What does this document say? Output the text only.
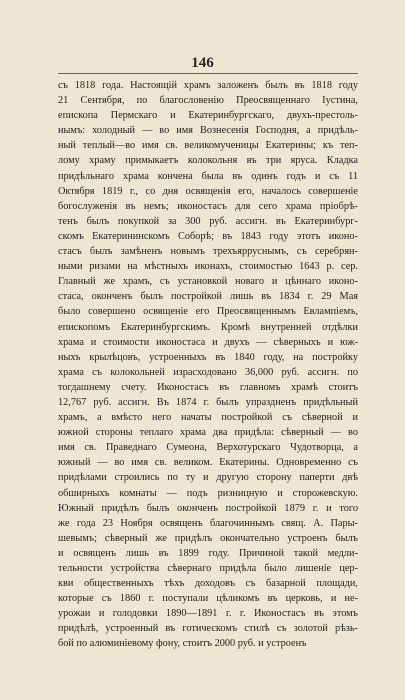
146
съ 1818 года. Настоящій храмъ заложенъ былъ въ 1818 году
21 Сентября, по благословенію Преосвященнаго Іустина,
епископа Пермскаго и Екатеринбургскаго, двухъ-престоль-
нымъ: холодный — во имя Вознесенія Господня, а придѣль-
ный теплый—во имя св. великомученицы Екатерины; къ теп-
лому храму примыкаетъ колокольня въ три яруса. Кладка
придѣльнаго храма кончена была въ одинъ годъ и съ 11
Октября 1819 г., со дня освященія его, началось совершеніе
богослуженія въ немъ; иконостасъ для сего храма пріобрѣ-
тенъ былъ покупкой за 300 руб. ассигн. въ Екатеринбург-
скомъ Екатерининскомъ Соборѣ; въ 1843 году этотъ иконо-
стасъ былъ замѣненъ новымъ трехъярруснымъ, съ серебрян-
ными ризами на мѣстныхъ иконахъ, стоимостью 1643 р. сер.
Главный же храмъ, съ установкой новаго и цѣннаго иконо-
стаса, оконченъ былъ постройкой лишь въ 1834 г. 29 Мая
было совершено освященіе его Преосвященнымъ Евлампіемъ,
епископомъ Екатеринбургскимъ. Кромѣ внутренней отдѣлки
храма и стоимости иконостаса и двухъ — сѣверныхъ и юж-
ныхъ крылѣцовъ, устроенныхъ въ 1840 году, на постройку
храма съ колокольней израсходовано 36,000 руб. ассигн. по
тогдашнему счету. Иконостасъ въ главномъ храмѣ стоитъ
12,767 руб. ассигн. Въ 1874 г. былъ упраздненъ придѣльный
храмъ, а вмѣсто него начаты постройкой съ сѣверной и
южной стороны теплаго храма два придѣла: сѣверный — во
имя св. Праведнаго Сумеона, Верхотурскаго Чудотворца, а
южный — во имя св. великом. Екатерины. Одновременно съ
придѣлами строились по ту и другую сторону паперти двѣ
обширныхъ комнаты — подъ ризницную и сторожевскую.
Южный придѣлъ былъ оконченъ постройкой 1879 г. и того
же года 23 Ноября освященъ благочиннымъ свящ. А. Пары-
шевымъ; сѣверный же придѣлъ окончательно устроенъ былъ
и освященъ лишь въ 1899 году. Причиной такой медли-
тельности устройства сѣвернаго придѣла было лишеніе цер-
кви общественныхъ тѣхъ доходовъ съ базарной площади,
которые съ 1860 г. поступали цѣликомъ въ церковь, и не-
урожаи и голодовки 1890—1891 г. г. Иконостасъ въ этомъ
придѣлѣ, устроенный въ готическомъ стилѣ съ золотой рѣзь-
бой по алюминіевому фону, стоитъ 2000 руб. и устроенъ
